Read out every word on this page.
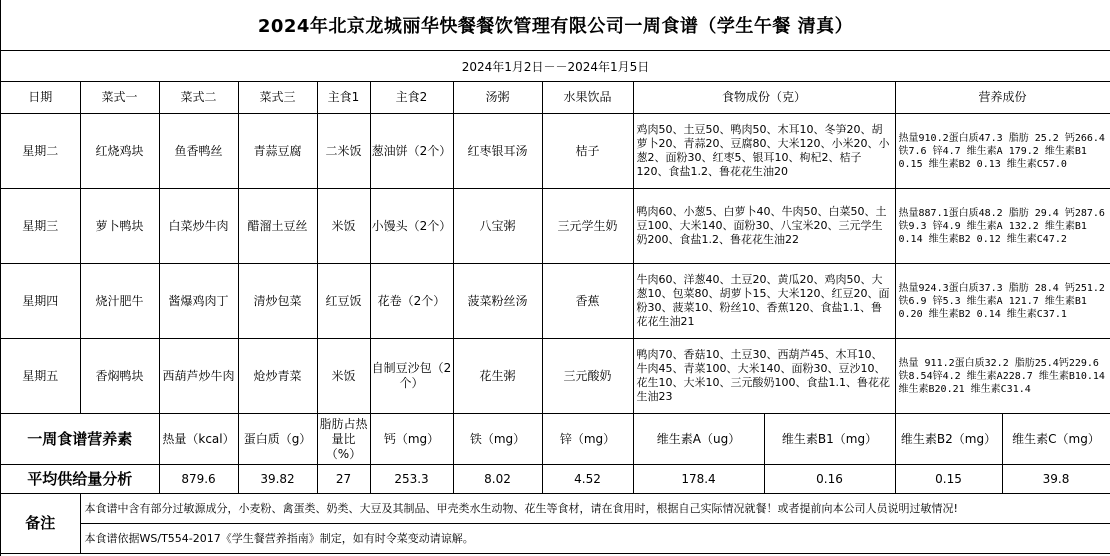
2024年北京龙城丽华快餐餐饮管理有限公司一周食谱（学生午餐 清真）
2024年1月2日－－2024年1月5日
日期	菜式一	菜式二	菜式三	主食1	主食2	汤粥	水果饮品	食物成份（克）		营养成份	
星期二	红烧鸡块	鱼香鸭丝	青蒜豆腐	二米饭	葱油饼（2个）	红枣银耳汤	桔子	鸡肉50、土豆50、鸭肉50、木耳10、冬笋20、胡萝卜20、青蒜20、豆腐80、大米120、小米20、小葱2、面粉30、红枣5、银耳10、枸杞2、桔子120、食盐1.2、鲁花花生油20		热量910.2蛋白质47.3 脂肪 25.2 钙266.4 铁7.6 锌4.7 维生素A 179.2 维生素B1 0.15 维生素B2 0.13 维生素C57.0	
星期三	萝卜鸭块	白菜炒牛肉	醋溜土豆丝	米饭	小馒头（2个）	八宝粥	三元学生奶	鸭肉60、小葱5、白萝卜40、牛肉50、白菜50、土豆100、大米140、面粉30、八宝米20、三元学生奶200、食盐1.2、鲁花花生油22		热量887.1蛋白质48.2 脂肪 29.4 钙287.6 铁9.3 锌4.9 维生素A 132.2 维生素B1 0.14 维生素B2 0.12 维生素C47.2	
星期四	烧汁肥牛	酱爆鸡肉丁	清炒包菜	红豆饭	花卷（2个）	菠菜粉丝汤	香蕉	牛肉60、洋葱40、土豆20、黄瓜20、鸡肉50、大葱10、包菜80、胡萝卜15、大米120、红豆20、面粉30、菠菜10、粉丝10、香蕉120、食盐1.1、鲁花花生油21		热量924.3蛋白质37.3 脂肪 28.4 钙251.2 铁6.9 锌5.3 维生素A 121.7 维生素B1 0.20 维生素B2 0.14 维生素C37.1	
星期五	香焖鸭块	西葫芦炒牛肉	炝炒青菜	米饭	自制豆沙包（2个）	花生粥	三元酸奶	鸭肉70、香菇10、土豆30、西葫芦45、木耳10、牛肉45、青菜100、大米140、面粉30、豆沙10、花生10、大米10、三元酸奶100、食盐1.1、鲁花花生油23		热量 911.2蛋白质32.2 脂肪25.4钙229.6铁8.54锌4.2 维生素A228.7 维生素B10.14 维生素B20.21 维生素C31.4	
一周食谱营养素		热量（kcal）	蛋白质（g）	脂肪占热量比（%）	钙（mg）	铁（mg）	锌（mg）	维生素A（ug）	维生素B1（mg）	维生素B2（mg）	维生素C（mg）
平均供给量分析		879.6	39.82	27	253.3	8.02	4.52	178.4	0.16	0.15	39.8
备注	本食谱中含有部分过敏源成分，小麦粉、禽蛋类、奶类、大豆及其制品、甲壳类水生动物、花生等食材，请在食用时，根据自己实际情况就餐！或者提前向本公司人员说明过敏情况!										
	本食谱依据WS/T554-2017《学生餐营养指南》制定，如有时令菜变动请谅解。										
